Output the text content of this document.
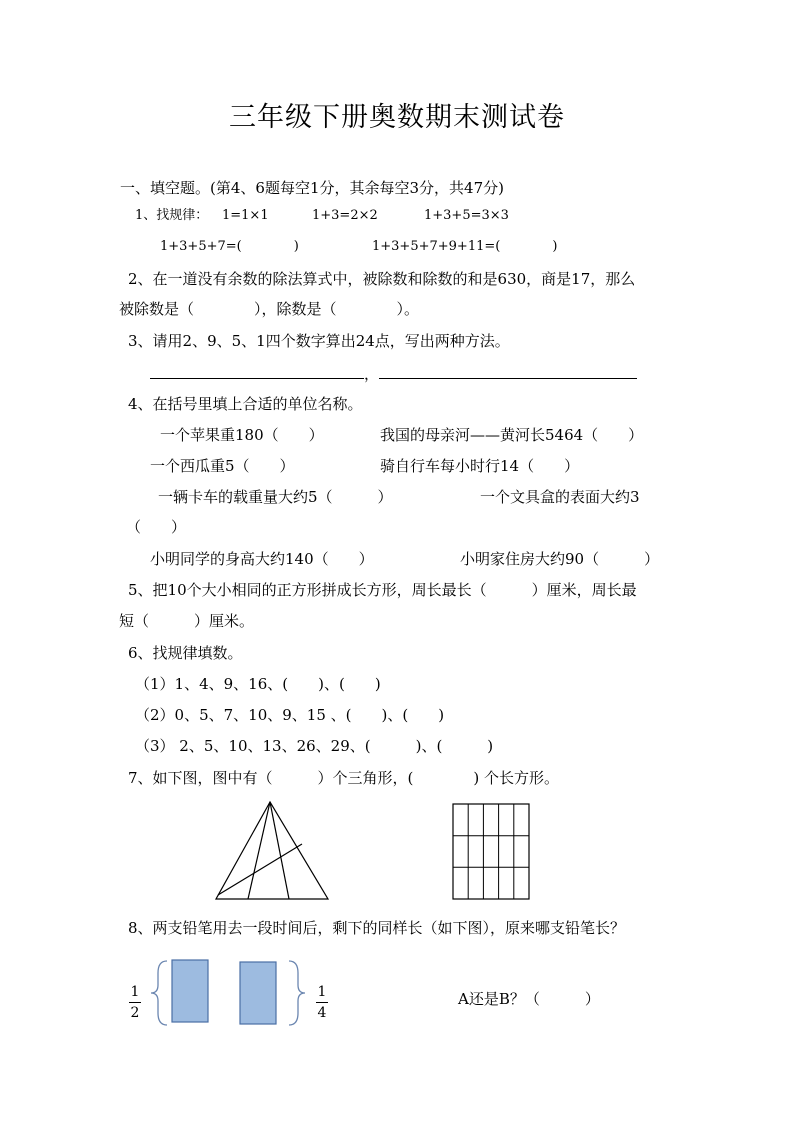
三年级下册奥数期末测试卷
一、填空题。(第4、6题每空1分，其余每空3分，共47分)
1、找规律： 1=1×1	1+3=2×2	1+3+5=3×3
1+3+5+7=(　　　　)	1+3+5+7+9+11=(　　　　)
2、在一道没有余数的除法算式中，被除数和除数的和是630，商是17，那么
被除数是（　　　　），除数是（　　　　）。
3、请用2、9、5、1四个数字算出24点，写出两种方法。
，
4、在括号里填上合适的单位名称。
一个苹果重180（　　）	我国的母亲河——黄河长5464（　　）
一个西瓜重5（　　）	骑自行车每小时行14（　　）
一辆卡车的载重量大约5（　　　）	一个文具盒的表面大约3
（　　）
小明同学的身高大约140（　　）	小明家住房大约90（　　　）
5、把10个大小相同的正方形拼成长方形，周长最长（　　　）厘米，周长最
短（　　　）厘米。
6、找规律填数。
（1）1、4、9、16、(　　)、(　　)
（2）0、5、7、10、9、15 、(　　)、(　　)
（3） 2、5、10、13、26、29、(　　　)、(　　　)
7、如下图，图中有（　　　）个三角形，(　　　　) 个长方形。
8、两支铅笔用去一段时间后，剩下的同样长（如下图），原来哪支铅笔长？
$\frac{1}{2}$	$\frac{1}{4}$	A还是B？（　　　）
